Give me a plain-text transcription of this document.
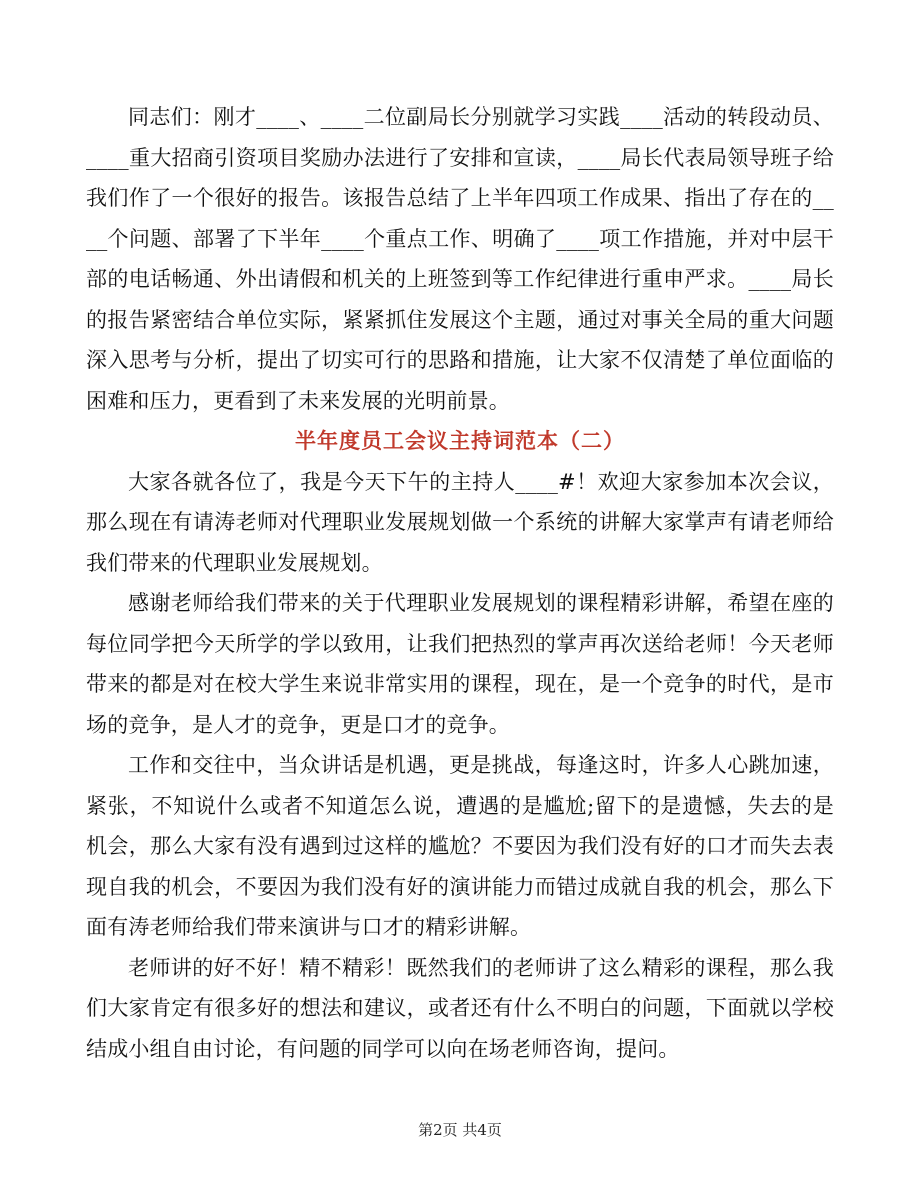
同志们：刚才____、____二位副局长分别就学习实践____活动的转段动员、____重大招商引资项目奖励办法进行了安排和宣读，____局长代表局领导班子给我们作了一个很好的报告。该报告总结了上半年四项工作成果、指出了存在的____个问题、部署了下半年____个重点工作、明确了____项工作措施，并对中层干部的电话畅通、外出请假和机关的上班签到等工作纪律进行重申严求。____局长的报告紧密结合单位实际，紧紧抓住发展这个主题，通过对事关全局的重大问题深入思考与分析，提出了切实可行的思路和措施，让大家不仅清楚了单位面临的困难和压力，更看到了未来发展的光明前景。

半年度员工会议主持词范本（二）

大家各就各位了，我是今天下午的主持人____#！欢迎大家参加本次会议，那么现在有请涛老师对代理职业发展规划做一个系统的讲解大家掌声有请老师给我们带来的代理职业发展规划。

感谢老师给我们带来的关于代理职业发展规划的课程精彩讲解，希望在座的每位同学把今天所学的学以致用，让我们把热烈的掌声再次送给老师！今天老师带来的都是对在校大学生来说非常实用的课程，现在，是一个竞争的时代，是市场的竞争，是人才的竞争，更是口才的竞争。

工作和交往中，当众讲话是机遇，更是挑战，每逢这时，许多人心跳加速，紧张，不知说什么或者不知道怎么说，遭遇的是尴尬;留下的是遗憾，失去的是机会，那么大家有没有遇到过这样的尴尬？不要因为我们没有好的口才而失去表现自我的机会，不要因为我们没有好的演讲能力而错过成就自我的机会，那么下面有涛老师给我们带来演讲与口才的精彩讲解。

老师讲的好不好！精不精彩！既然我们的老师讲了这么精彩的课程，那么我们大家肯定有很多好的想法和建议，或者还有什么不明白的问题，下面就以学校结成小组自由讨论，有问题的同学可以向在场老师咨询，提问。

第2页 共4页
